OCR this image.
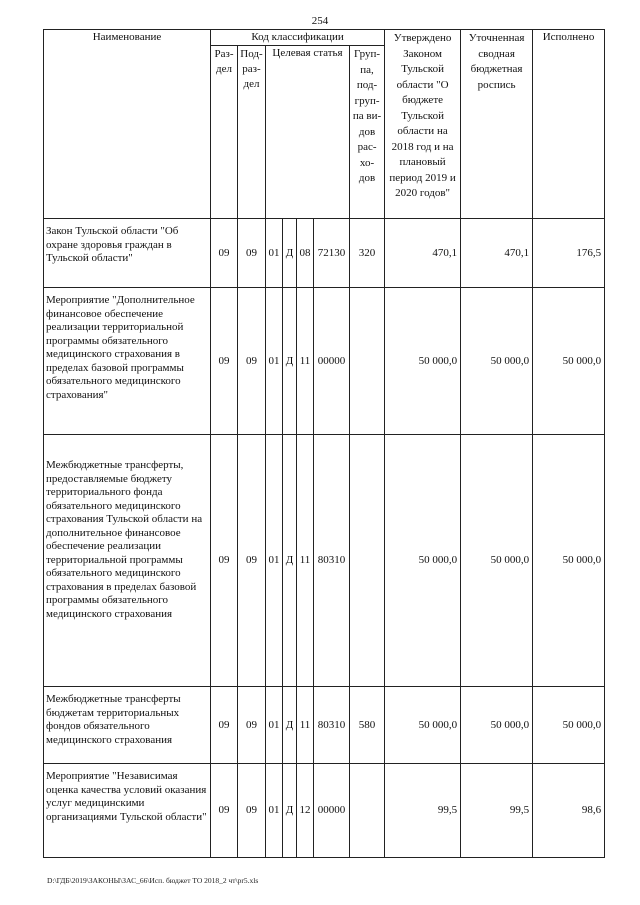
254
Наименование	Код классификации							Утверждено Законом Тульской области "О бюджете Тульской области на 2018 год и на плановый период 2019 и 2020 годов"	Уточненная сводная бюджетная роспись	Исполнено
	Раз-дел	Под-раз-дел	Целевая статья				Груп-па, под-груп-па ви-дов рас-хо-дов			
Закон Тульской области "Об охране здоровья граждан в Тульской области"	09	09	01	Д	08	72130	320	470,1	470,1	176,5
Мероприятие "Дополнительное финансовое обеспечение реализации территориальной программы обязательного медицинского страхования в пределах базовой программы обязательного медицинского страхования"	09	09	01	Д	11	00000		50 000,0	50 000,0	50 000,0
Межбюджетные трансферты, предоставляемые бюджету территориального фонда обязательного медицинского страхования Тульской области на дополнительное финансовое обеспечение реализации территориальной программы обязательного медицинского страхования в пределах базовой программы обязательного медицинского страхования	09	09	01	Д	11	80310		50 000,0	50 000,0	50 000,0
Межбюджетные трансферты бюджетам территориальных фондов обязательного медицинского страхования	09	09	01	Д	11	80310	580	50 000,0	50 000,0	50 000,0
Мероприятие "Независимая оценка качества условий оказания услуг медицинскими организациями Тульской области"	09	09	01	Д	12	00000		99,5	99,5	98,6
D:\ГДБ\2019\ЗАКОНЫ\ЗАС_66\Исп. бюджет ТО 2018_2 чт\pr5.xls
